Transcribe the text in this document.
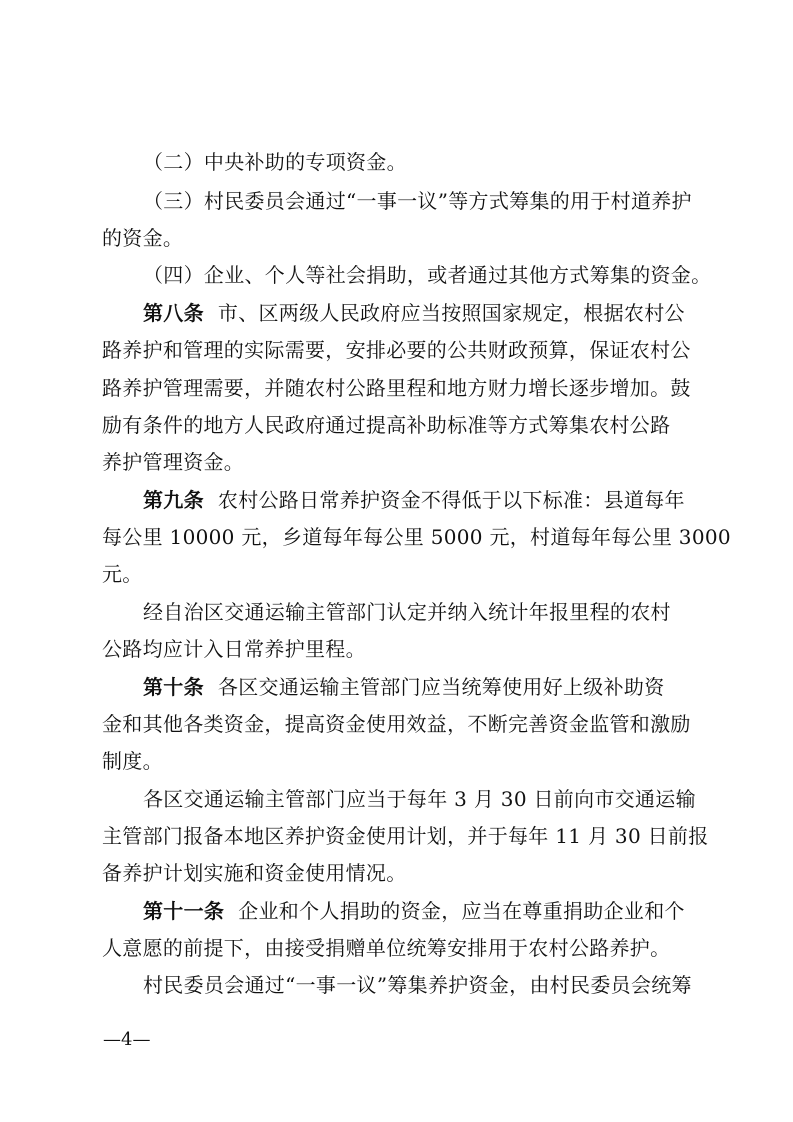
（二）中央补助的专项资金。
（三）村民委员会通过“一事一议”等方式筹集的用于村道养护
的资金。
（四）企业、个人等社会捐助，或者通过其他方式筹集的资金。
第八条 市、区两级人民政府应当按照国家规定，根据农村公
路养护和管理的实际需要，安排必要的公共财政预算，保证农村公
路养护管理需要，并随农村公路里程和地方财力增长逐步增加。鼓
励有条件的地方人民政府通过提高补助标准等方式筹集农村公路
养护管理资金。
第九条 农村公路日常养护资金不得低于以下标准：县道每年
每公里 10000 元，乡道每年每公里 5000 元，村道每年每公里 3000
元。
经自治区交通运输主管部门认定并纳入统计年报里程的农村
公路均应计入日常养护里程。
第十条 各区交通运输主管部门应当统筹使用好上级补助资
金和其他各类资金，提高资金使用效益，不断完善资金监管和激励
制度。
各区交通运输主管部门应当于每年 3 月 30 日前向市交通运输
主管部门报备本地区养护资金使用计划，并于每年 11 月 30 日前报
备养护计划实施和资金使用情况。
第十一条 企业和个人捐助的资金，应当在尊重捐助企业和个
人意愿的前提下，由接受捐赠单位统筹安排用于农村公路养护。
村民委员会通过“一事一议”筹集养护资金，由村民委员会统筹
—4—
